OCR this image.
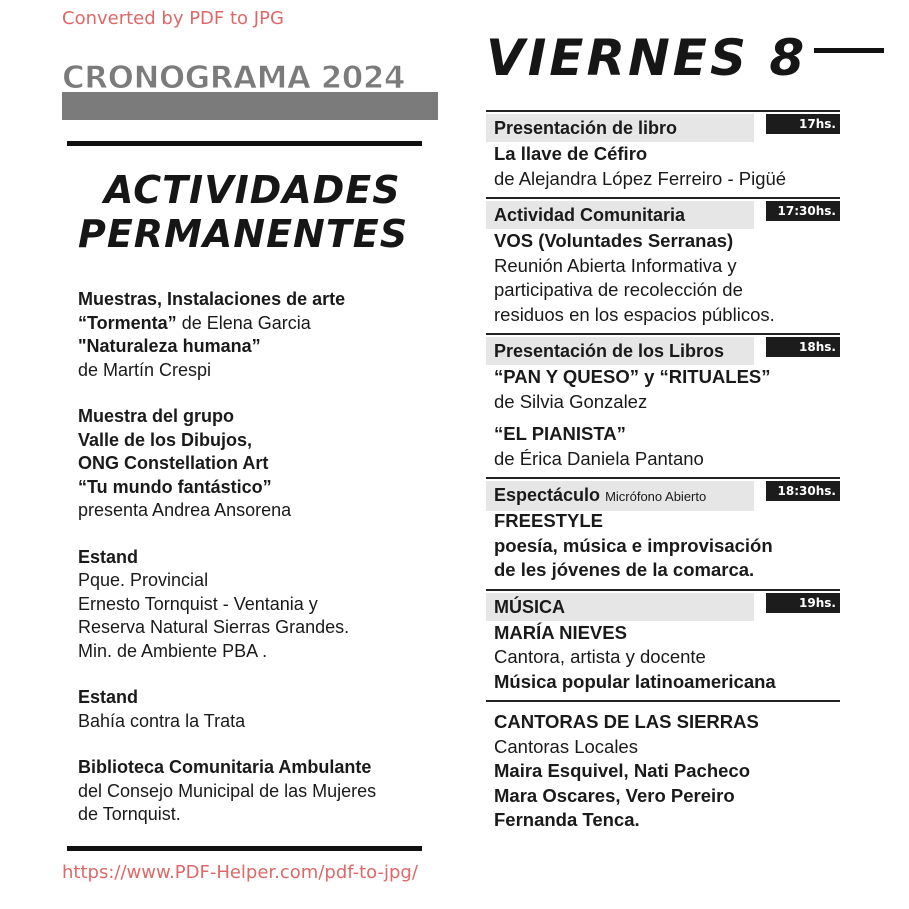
CRONOGRAMA 2024
ACTIVIDADES
PERMANENTES
Muestras, Instalaciones de arte
“Tormenta” de Elena Garcia
"Naturaleza humana”
de Martín Crespi
Muestra del grupo
Valle de los Dibujos,
ONG Constellation Art
“Tu mundo fantástico”
presenta Andrea Ansorena
Estand
Pque. Provincial
Ernesto Tornquist - Ventania y
Reserva Natural Sierras Grandes.
Min. de Ambiente PBA .
Estand
Bahía contra la Trata
Biblioteca Comunitaria Ambulante
del Consejo Municipal de las Mujeres
de Tornquist.
VIERNES 8
Presentación de libro	17hs.
La llave de Céfiro
de Alejandra López Ferreiro - Pigüé
Actividad Comunitaria	17:30hs.
VOS (Voluntades Serranas)
Reunión Abierta Informativa y
participativa de recolección de
residuos en los espacios públicos.
Presentación de los Libros	18hs.
“PAN Y QUESO” y “RITUALES”
de Silvia Gonzalez
“EL PIANISTA”
de Érica Daniela Pantano
Espectáculo Micrófono Abierto	18:30hs.
FREESTYLE
poesía, música e improvisación
de les jóvenes de la comarca.
MÚSICA	19hs.
MARÍA NIEVES
Cantora, artista y docente
Música popular latinoamericana
CANTORAS DE LAS SIERRAS
Cantoras Locales
Maira Esquivel, Nati Pacheco
Mara Oscares, Vero Pereiro
Fernanda Tenca.
Converted by PDF to JPG
https://www.PDF-Helper.com/pdf-to-jpg/
